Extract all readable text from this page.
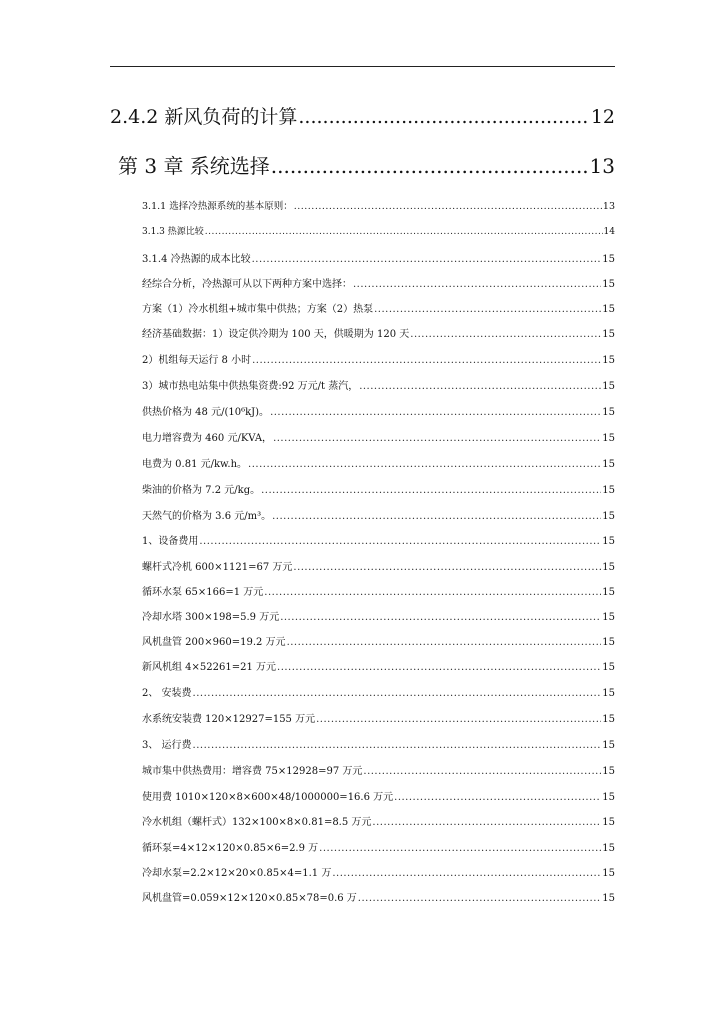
2.4.2 新风负荷的计算 .....	12
第 3 章 系统选择 .....	13
3.1.1 选择冷热源系统的基本原则： .....	13
3.1.3 热源比较 .....	14
3.1.4 冷热源的成本比较 .....	15
经综合分析，冷热源可从以下两种方案中选择： .....	15
方案（1）冷水机组+城市集中供热；方案（2）热泵 .....	15
经济基础数据：1）设定供冷期为 100 天，供暖期为 120 天 .....	15
2）机组每天运行 8 小时 .....	15
3）城市热电站集中供热集资费:92 万元/t 蒸汽， .....	15
供热价格为 48 元/(10⁶kJ)。 .....	15
电力增容费为 460 元/KVA， .....	15
电费为 0.81 元/kw.h。 .....	15
柴油的价格为 7.2 元/kg。 .....	15
天然气的价格为 3.6 元/m³。 .....	15
1、设备费用 .....	15
螺杆式冷机 600×1121=67 万元 .....	15
循环水泵 65×166=1 万元 .....	15
冷却水塔 300×198=5.9 万元 .....	15
风机盘管 200×960=19.2 万元 .....	15
新风机组 4×52261=21 万元 .....	15
2、 安装费 .....	15
水系统安装费 120×12927=155 万元 .....	15
3、 运行费 .....	15
城市集中供热费用：增容费 75×12928=97 万元 .....	15
使用费 1010×120×8×600×48/1000000=16.6 万元 .....	15
冷水机组（螺杆式）132×100×8×0.81=8.5 万元 .....	15
循环泵=4×12×120×0.85×6=2.9 万 .....	15
冷却水泵=2.2×12×20×0.85×4=1.1 万 .....	15
风机盘管=0.059×12×120×0.85×78=0.6 万 .....	15
